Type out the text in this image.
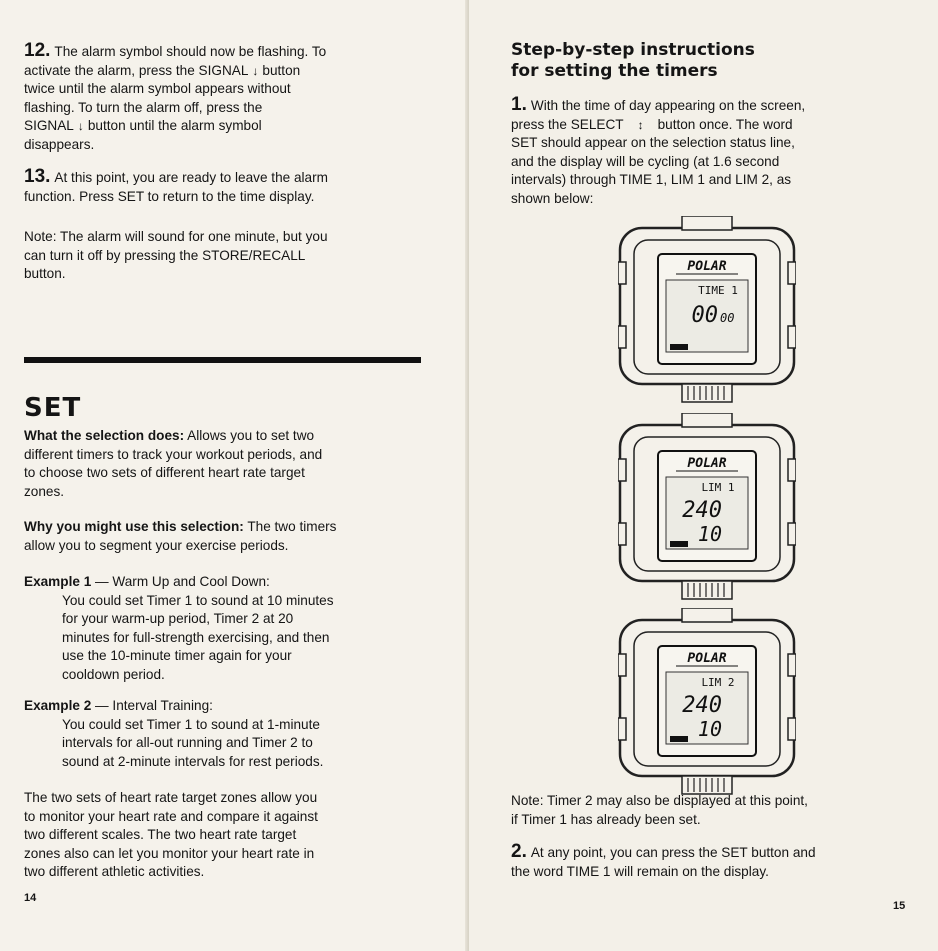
12. The alarm symbol should now be flashing. To
activate the alarm, press the SIGNAL ↓ button
twice until the alarm symbol appears without
flashing. To turn the alarm off, press the
SIGNAL ↓ button until the alarm symbol
disappears.
13. At this point, you are ready to leave the alarm
function. Press SET to return to the time display.
Note: The alarm will sound for one minute, but you
can turn it off by pressing the STORE/RECALL
button.
SET
What the selection does: Allows you to set two
different timers to track your workout periods, and
to choose two sets of different heart rate target
zones.
Why you might use this selection: The two timers
allow you to segment your exercise periods.
Example 1 — Warm Up and Cool Down:
You could set Timer 1 to sound at 10 minutes
for your warm-up period, Timer 2 at 20
minutes for full-strength exercising, and then
use the 10-minute timer again for your
cooldown period.
Example 2 — Interval Training:
You could set Timer 1 to sound at 1-minute
intervals for all-out running and Timer 2 to
sound at 2-minute intervals for rest periods.
The two sets of heart rate target zones allow you
to monitor your heart rate and compare it against
two different scales. The two heart rate target
zones also can let you monitor your heart rate in
two different athletic activities.
14
Step-by-step instructions
for setting the timers
1. With the time of day appearing on the screen,
press the SELECT ↕ button once. The word
SET should appear on the selection status line,
and the display will be cycling (at 1.6 second
intervals) through TIME 1, LIM 1 and LIM 2, as
shown below:
POLAR
TIME 1
00 00
POLAR
LIM 1
240
10
POLAR
LIM 2
240
10
Note: Timer 2 may also be displayed at this point,
if Timer 1 has already been set.
2. At any point, you can press the SET button and
the word TIME 1 will remain on the display.
15
